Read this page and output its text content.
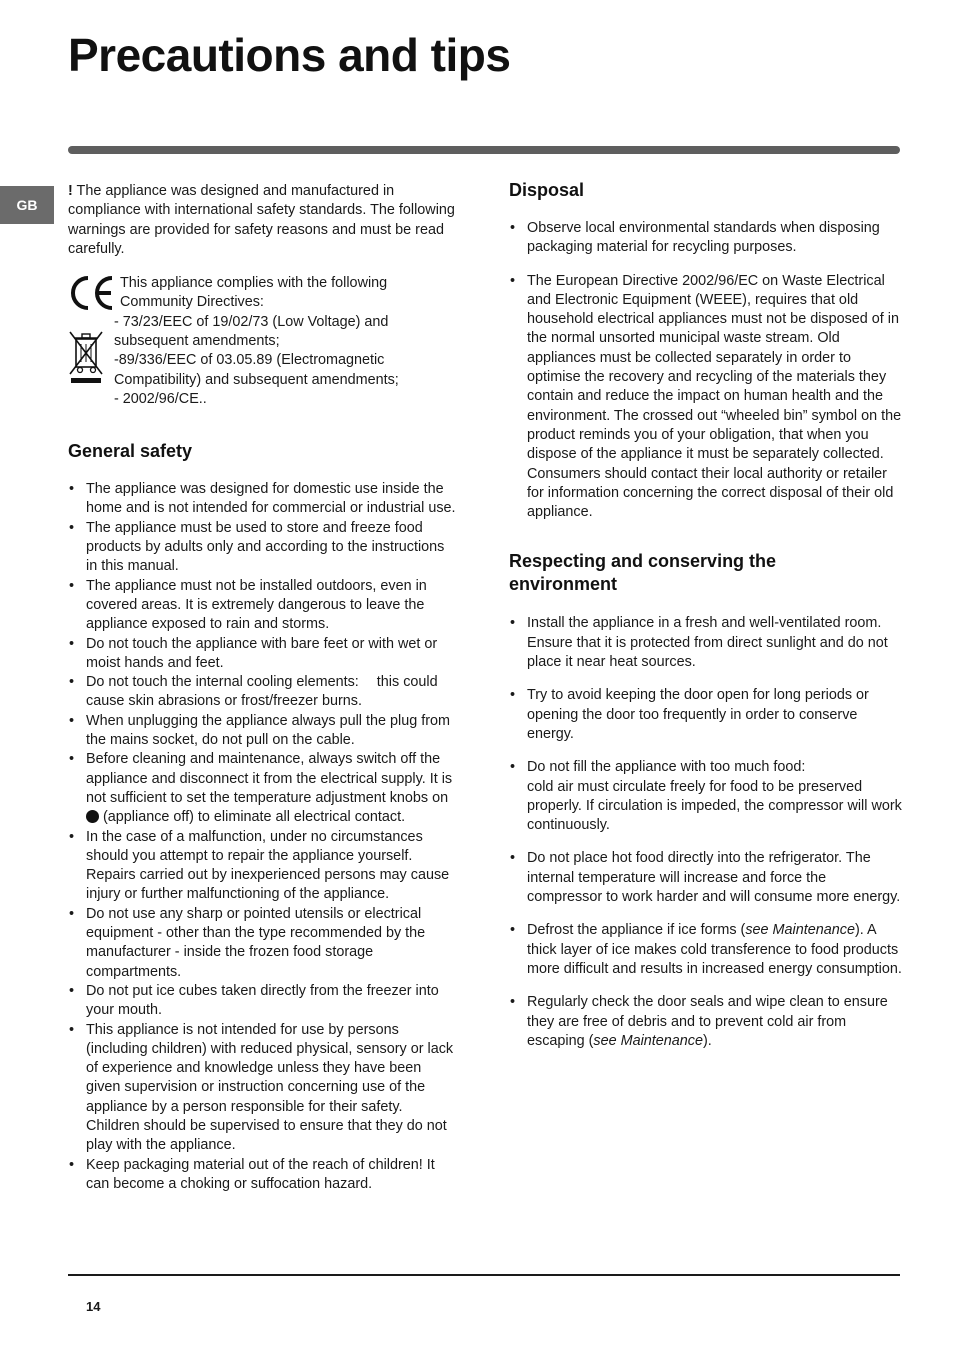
Precautions and tips
GB

! The appliance was designed and manufactured in compliance with international safety standards. The following warnings are provided for safety reasons and must be read carefully.

This appliance complies with the following
Community Directives:
- 73/23/EEC of 19/02/73 (Low Voltage) and
subsequent amendments;
-89/336/EEC of 03.05.89 (Electromagnetic
Compatibility) and subsequent amendments;
- 2002/96/CE..
General safety
• The appliance was designed for domestic use inside the home and is not intended for commercial or industrial use.
• The appliance must be used to store and freeze food products by adults only and according to the instructions in this manual.
• The appliance must not be installed outdoors, even in covered areas. It is extremely dangerous to leave the appliance exposed to rain and storms.
• Do not touch the appliance with bare feet or with wet or moist hands and feet.
• Do not touch the internal cooling elements: this could cause skin abrasions or frost/freezer burns.
• When unplugging the appliance always pull the plug from the mains socket, do not pull on the cable.
• Before cleaning and maintenance, always switch off the appliance and disconnect it from the electrical supply. It is not sufficient to set the temperature adjustment knobs on  (appliance off) to eliminate all electrical contact.
• In the case of a malfunction, under no circumstances should you attempt to repair the appliance yourself. Repairs carried out by inexperienced persons may cause injury or further malfunctioning of the appliance.
• Do not use any sharp or pointed utensils or electrical equipment - other than the type recommended by the manufacturer - inside the frozen food storage compartments.
• Do not put ice cubes taken directly from the freezer into your mouth.
• This appliance is not intended for use by persons (including children) with reduced physical, sensory or lack of experience and knowledge unless they have been given supervision or instruction concerning use of the appliance by a person responsible for their safety. Children should be supervised to ensure that they do not play with the appliance.
• Keep packaging material out of the reach of children! It can become a choking or suffocation hazard.
Disposal
• Observe local environmental standards when disposing packaging material for recycling purposes.
• The European Directive 2002/96/EC on Waste Electrical and Electronic Equipment (WEEE), requires that old household electrical appliances must not be disposed of in the normal unsorted municipal waste stream. Old appliances must be collected separately in order to optimise the recovery and recycling of the materials they contain and reduce the impact on human health and the environment. The crossed out “wheeled bin” symbol on the product reminds you of your obligation, that when you dispose of the appliance it must be separately collected.
Consumers should contact their local authority or retailer for information concerning the correct disposal of their old appliance.
Respecting and conserving the environment
• Install the appliance in a fresh and well-ventilated room. Ensure that it is protected from direct sunlight and do not place it near heat sources.
• Try to avoid keeping the door open for long periods or opening the door too frequently in order to conserve energy.
• Do not fill the appliance with too much food:
cold air must circulate freely for food to be preserved properly. If circulation is impeded, the compressor will work continuously.
• Do not place hot food directly into the refrigerator. The internal temperature will increase and force the compressor to work harder and will consume more energy.
• Defrost the appliance if ice forms (see Maintenance). A thick layer of ice makes cold transference to food products more difficult and results in increased energy consumption.
• Regularly check the door seals and wipe clean to ensure they are free of debris and to prevent cold air from escaping (see Maintenance).
14
